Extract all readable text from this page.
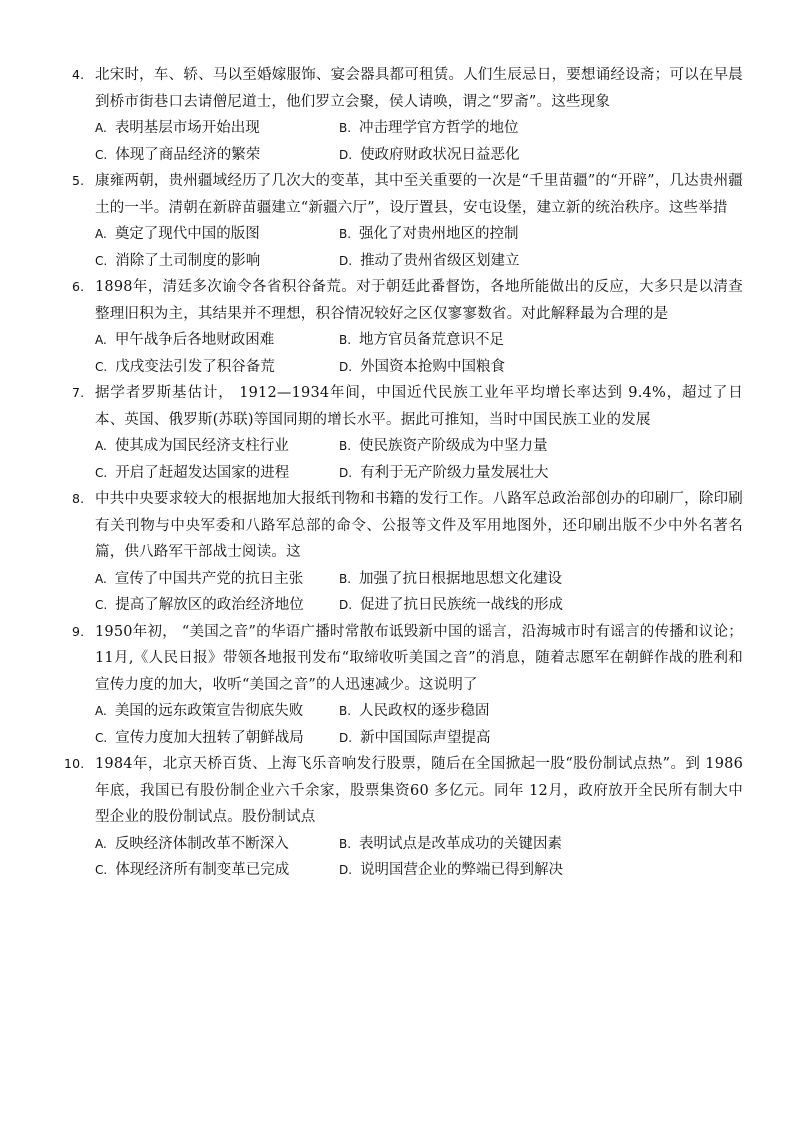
4. 北宋时，车、轿、马以至婚嫁服饰、宴会器具都可租赁。人们生辰忌日，要想诵经设斋；可以在早晨到桥市街巷口去请僧尼道士，他们罗立会聚，侯人请唤，谓之“罗斋”。这些现象
A. 表明基层市场开始出现	B. 冲击理学官方哲学的地位
C. 体现了商品经济的繁荣	D. 使政府财政状况日益恶化
5. 康雍两朝，贵州疆域经历了几次大的变革，其中至关重要的一次是“千里苗疆”的“开辟”，几达贵州疆土的一半。清朝在新辟苗疆建立“新疆六厅”，设厅置县，安屯设堡，建立新的统治秩序。这些举措
A. 奠定了现代中国的版图	B. 强化了对贵州地区的控制
C. 消除了土司制度的影响	D. 推动了贵州省级区划建立
6. 1898年，清廷多次谕令各省积谷备荒。对于朝廷此番督饬，各地所能做出的反应，大多只是以清查整理旧积为主，其结果并不理想，积谷情况较好之区仅寥寥数省。对此解释最为合理的是
A. 甲午战争后各地财政困难	B. 地方官员备荒意识不足
C. 戊戌变法引发了积谷备荒	D. 外国资本抢购中国粮食
7. 据学者罗斯基估计， 1912—1934年间，中国近代民族工业年平均增长率达到 9.4%，超过了日本、英国、俄罗斯(苏联)等国同期的增长水平。据此可推知，当时中国民族工业的发展
A. 使其成为国民经济支柱行业	B. 使民族资产阶级成为中坚力量
C. 开启了赶超发达国家的进程	D. 有利于无产阶级力量发展壮大
8. 中共中央要求较大的根据地加大报纸刊物和书籍的发行工作。八路军总政治部创办的印刷厂，除印刷有关刊物与中央军委和八路军总部的命令、公报等文件及军用地图外，还印刷出版不少中外名著名篇，供八路军干部战士阅读。这
A. 宣传了中国共产党的抗日主张	B. 加强了抗日根据地思想文化建设
C. 提高了解放区的政治经济地位	D. 促进了抗日民族统一战线的形成
9. 1950年初， “美国之音”的华语广播时常散布诋毁新中国的谣言，沿海城市时有谣言的传播和议论；11月,《人民日报》带领各地报刊发布“取缔收听美国之音”的消息，随着志愿军在朝鲜作战的胜利和宣传力度的加大，收听“美国之音”的人迅速减少。这说明了
A. 美国的远东政策宣告彻底失败	B. 人民政权的逐步稳固
C. 宣传力度加大扭转了朝鲜战局	D. 新中国国际声望提高
10. 1984年，北京天桥百货、上海飞乐音响发行股票，随后在全国掀起一股“股份制试点热”。到 1986年底，我国已有股份制企业六千余家，股票集资60 多亿元。同年 12月，政府放开全民所有制大中型企业的股份制试点。股份制试点
A. 反映经济体制改革不断深入	B. 表明试点是改革成功的关键因素
C. 体现经济所有制变革已完成	D. 说明国营企业的弊端已得到解决
